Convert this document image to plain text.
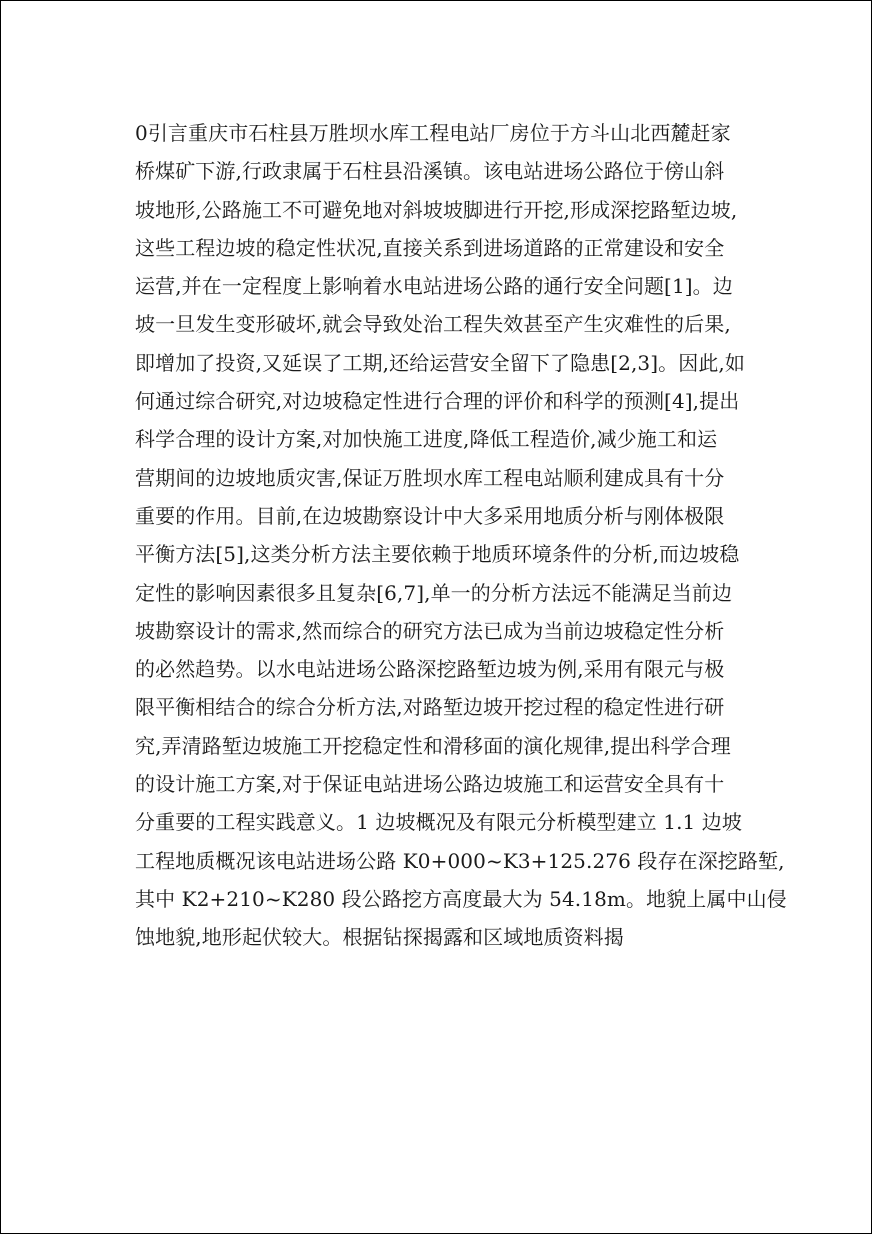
0引言重庆市石柱县万胜坝水库工程电站厂房位于方斗山北西麓赶家
桥煤矿下游,行政隶属于石柱县沿溪镇。该电站进场公路位于傍山斜
坡地形,公路施工不可避免地对斜坡坡脚进行开挖,形成深挖路堑边坡,
这些工程边坡的稳定性状况,直接关系到进场道路的正常建设和安全
运营,并在一定程度上影响着水电站进场公路的通行安全问题[1]。边
坡一旦发生变形破坏,就会导致处治工程失效甚至产生灾难性的后果,
即增加了投资,又延误了工期,还给运营安全留下了隐患[2,3]。因此,如
何通过综合研究,对边坡稳定性进行合理的评价和科学的预测[4],提出
科学合理的设计方案,对加快施工进度,降低工程造价,减少施工和运
营期间的边坡地质灾害,保证万胜坝水库工程电站顺利建成具有十分
重要的作用。目前,在边坡勘察设计中大多采用地质分析与刚体极限
平衡方法[5],这类分析方法主要依赖于地质环境条件的分析,而边坡稳
定性的影响因素很多且复杂[6,7],单一的分析方法远不能满足当前边
坡勘察设计的需求,然而综合的研究方法已成为当前边坡稳定性分析
的必然趋势。以水电站进场公路深挖路堑边坡为例,采用有限元与极
限平衡相结合的综合分析方法,对路堑边坡开挖过程的稳定性进行研
究,弄清路堑边坡施工开挖稳定性和滑移面的演化规律,提出科学合理
的设计施工方案,对于保证电站进场公路边坡施工和运营安全具有十
分重要的工程实践意义。1 边坡概况及有限元分析模型建立 1.1 边坡
工程地质概况该电站进场公路 K0+000~K3+125.276 段存在深挖路堑,
其中 K2+210~K280 段公路挖方高度最大为 54.18m。地貌上属中山侵
蚀地貌,地形起伏较大。根据钻探揭露和区域地质资料揭
